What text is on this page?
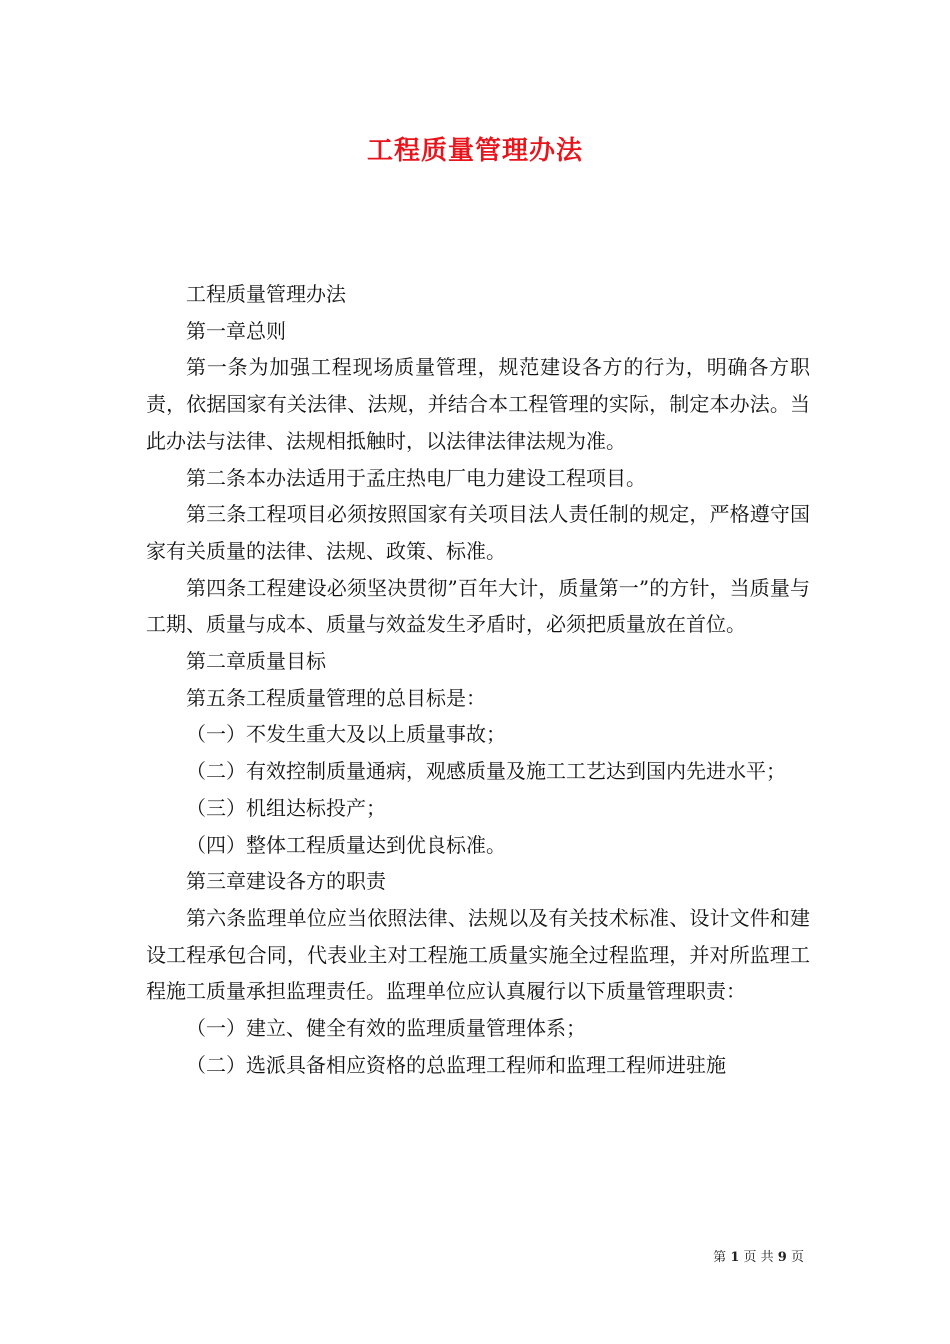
工程质量管理办法

工程质量管理办法

第一章总则

第一条为加强工程现场质量管理，规范建设各方的行为，明确各方职责，依据国家有关法律、法规，并结合本工程管理的实际，制定本办法。当此办法与法律、法规相抵触时，以法律法律法规为准。

第二条本办法适用于孟庄热电厂电力建设工程项目。

第三条工程项目必须按照国家有关项目法人责任制的规定，严格遵守国家有关质量的法律、法规、政策、标准。

第四条工程建设必须坚决贯彻”百年大计，质量第一”的方针，当质量与工期、质量与成本、质量与效益发生矛盾时，必须把质量放在首位。

第二章质量目标

第五条工程质量管理的总目标是：

（一）不发生重大及以上质量事故；

（二）有效控制质量通病，观感质量及施工工艺达到国内先进水平；

（三）机组达标投产；

（四）整体工程质量达到优良标准。

第三章建设各方的职责

第六条监理单位应当依照法律、法规以及有关技术标准、设计文件和建设工程承包合同，代表业主对工程施工质量实施全过程监理，并对所监理工程施工质量承担监理责任。监理单位应认真履行以下质量管理职责：

（一）建立、健全有效的监理质量管理体系；

（二）选派具备相应资格的总监理工程师和监理工程师进驻施

第 1 页 共 9 页
